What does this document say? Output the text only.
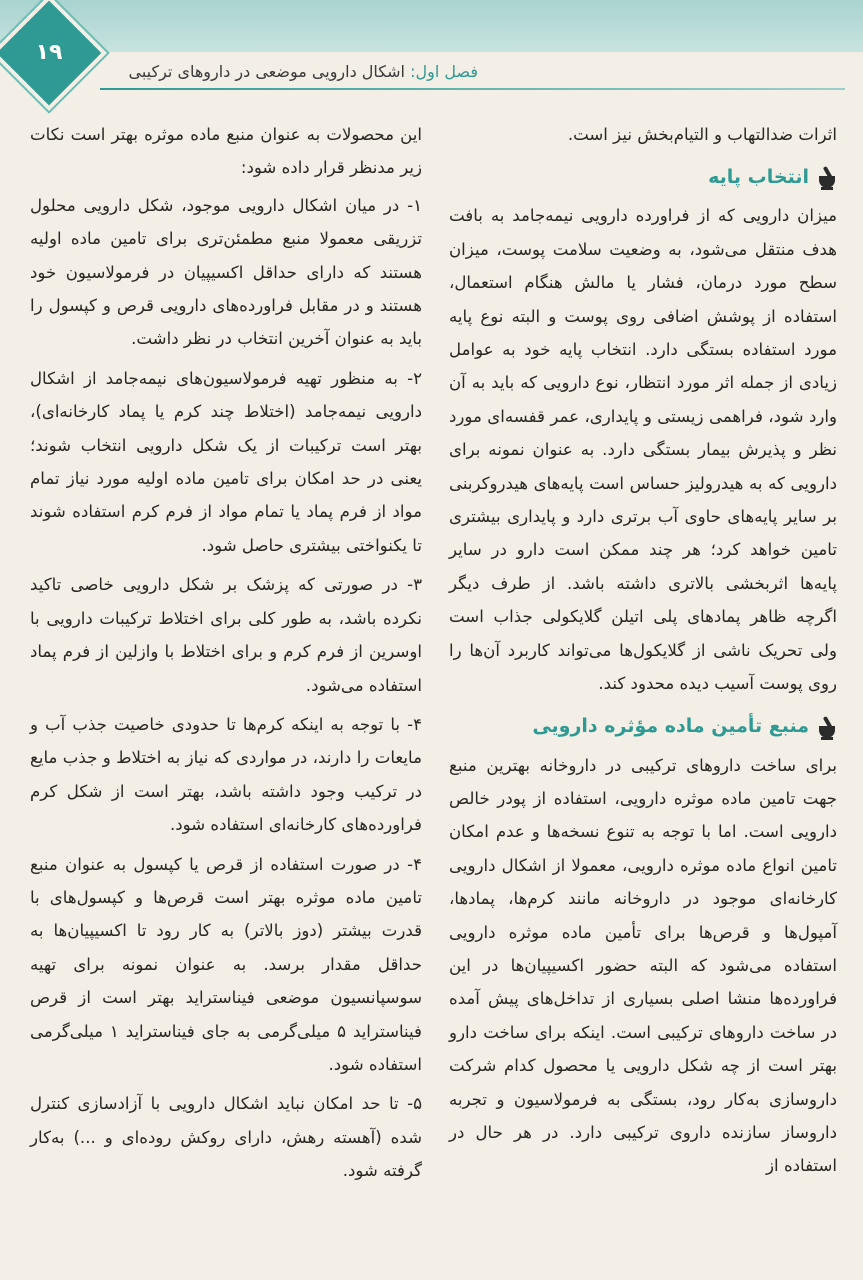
۱۹
فصل اول: اشکال دارویی موضعی در داروهای ترکیبی

اثرات ضدالتهاب و التیام‌بخش نیز است.

انتخاب پایه

میزان دارویی که از فراورده دارویی نیمه‌جامد به بافت هدف منتقل می‌شود، به وضعیت سلامت پوست، میزان سطح مورد درمان، فشار یا مالش هنگام استعمال، استفاده از پوشش اضافی روی پوست و البته نوع پایه مورد استفاده بستگی دارد. انتخاب پایه خود به عوامل زیادی از جمله اثر مورد انتظار، نوع دارویی که باید به آن وارد شود، فراهمی زیستی و پایداری، عمر قفسه‌ای مورد نظر و پذیرش بیمار بستگی دارد. به عنوان نمونه برای دارویی که به هیدرولیز حساس است پایه‌های هیدروکربنی بر سایر پایه‌های حاوی آب برتری دارد و پایداری بیشتری تامین خواهد کرد؛ هر چند ممکن است دارو در سایر پایه‌ها اثربخشی بالاتری داشته باشد. از طرف دیگر اگرچه ظاهر پمادهای پلی اتیلن گلایکولی جذاب است ولی تحریک ناشی از گلایکول‌ها می‌تواند کاربرد آن‌ها را روی پوست آسیب دیده محدود کند.

منبع تأمین ماده مؤثره دارویی

برای ساخت داروهای ترکیبی در داروخانه بهترین منبع جهت تامین ماده موثره دارویی، استفاده از پودر خالص دارویی است. اما با توجه به تنوع نسخه‌ها و عدم امکان تامین انواع ماده موثره دارویی، معمولا از اشکال دارویی کارخانه‌ای موجود در داروخانه مانند کرم‌ها، پمادها، آمپول‌ها و قرص‌ها برای تأمین ماده موثره دارویی استفاده می‌شود که البته حضور اکسیپیان‌ها در این فراورده‌ها منشا اصلی بسیاری از تداخل‌های پیش آمده در ساخت داروهای ترکیبی است. اینکه برای ساخت دارو بهتر است از چه شکل دارویی یا محصول کدام شرکت داروسازی به‌کار رود، بستگی به فرمولاسیون و تجربه داروساز سازنده داروی ترکیبی دارد. در هر حال در استفاده از

این محصولات به عنوان منبع ماده موثره بهتر است نکات زیر مدنظر قرار داده شود:

۱- در میان اشکال دارویی موجود، شکل دارویی محلول تزریقی معمولا منبع مطمئن‌تری برای تامین ماده اولیه هستند که دارای حداقل اکسیپیان در فرمولاسیون خود هستند و در مقابل فراورده‌های دارویی قرص و کپسول را باید به عنوان آخرین انتخاب در نظر داشت.

۲- به منظور تهیه فرمولاسیون‌های نیمه‌جامد از اشکال دارویی نیمه‌جامد (اختلاط چند کرم یا پماد کارخانه‌ای)، بهتر است ترکیبات از یک شکل دارویی انتخاب شوند؛ یعنی در حد امکان برای تامین ماده اولیه مورد نیاز تمام مواد از فرم پماد یا تمام مواد از فرم کرم استفاده شوند تا یکنواختی بیشتری حاصل شود.

۳- در صورتی که پزشک بر شکل دارویی خاصی تاکید نکرده باشد، به طور کلی برای اختلاط ترکیبات دارویی با اوسرین از فرم کرم و برای اختلاط با وازلین از فرم پماد استفاده می‌شود.

۴- با توجه به اینکه کرم‌ها تا حدودی خاصیت جذب آب و مایعات را دارند، در مواردی که نیاز به اختلاط و جذب مایع در ترکیب وجود داشته باشد، بهتر است از شکل کرم فراورده‌های کارخانه‌ای استفاده شود.

۴- در صورت استفاده از قرص یا کپسول به عنوان منبع تامین ماده موثره بهتر است قرص‌ها و کپسول‌های با قدرت بیشتر (دوز بالاتر) به کار رود تا اکسیپیان‌ها به حداقل مقدار برسد. به عنوان نمونه برای تهیه سوسپانسیون موضعی فیناستراید بهتر است از قرص فیناستراید ۵ میلی‌گرمی به جای فیناستراید ۱ میلی‌گرمی استفاده شود.

۵- تا حد امکان نباید اشکال دارویی با آزادسازی کنترل شده (آهسته رهش، دارای روکش روده‌ای و ...) به‌کار گرفته شود.
